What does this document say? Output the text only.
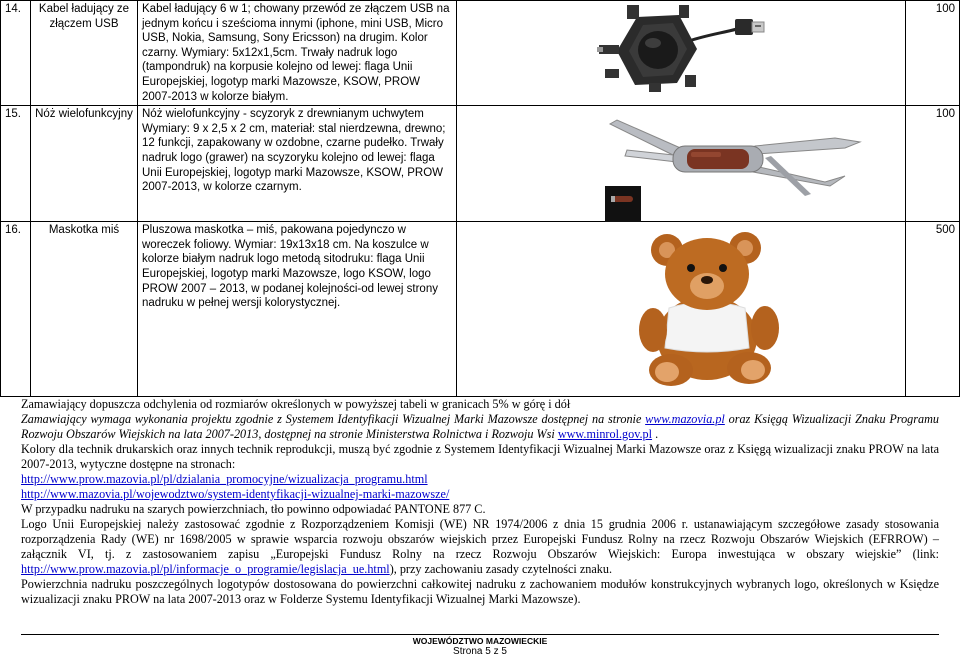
14.	Kabel ładujący ze złączem USB	Kabel ładujący 6 w 1; chowany przewód ze złączem USB na jednym końcu i sześcioma innymi (iphone, mini USB, Micro USB, Nokia, Samsung, Sony Ericsson) na drugim. Kolor czarny. Wymiary: 5x12x1,5cm. Trwały nadruk logo (tampondruk) na korpusie kolejno od lewej: flaga Unii Europejskiej, logotyp marki Mazowsze, KSOW, PROW 2007-2013 w kolorze białym.		100
15.	Nóż wielofunkcyjny	Nóż wielofunkcyjny - scyzoryk z drewnianym uchwytem Wymiary: 9 x 2,5 x 2 cm, materiał: stal nierdzewna, drewno; 12 funkcji, zapakowany w ozdobne, czarne pudełko. Trwały nadruk logo (grawer) na scyzoryku kolejno od lewej: flaga Unii Europejskiej, logotyp marki Mazowsze, KSOW, PROW 2007-2013, w kolorze czarnym.		100
16.	Maskotka miś	Pluszowa maskotka – miś, pakowana pojedynczo w woreczek foliowy. Wymiar: 19x13x18 cm. Na koszulce w kolorze białym nadruk logo metodą sitodruku: flaga Unii Europejskiej, logotyp marki Mazowsze, logo KSOW, logo PROW 2007 – 2013, w podanej kolejności-od lewej strony nadruku w pełnej wersji kolorystycznej.		500

Zamawiający dopuszcza odchylenia od rozmiarów określonych w powyższej tabeli w granicach 5% w górę i dół

Zamawiający wymaga wykonania projektu zgodnie z Systemem Identyfikacji Wizualnej Marki Mazowsze dostępnej na stronie www.mazovia.pl oraz Księgą Wizualizacji Znaku Programu Rozwoju Obszarów Wiejskich na lata 2007-2013, dostępnej na stronie Ministerstwa Rolnictwa i Rozwoju Wsi www.minrol.gov.pl .

Kolory dla technik drukarskich oraz innych technik reprodukcji, muszą być zgodnie z Systemem Identyfikacji Wizualnej Marki Mazowsze oraz z Księgą wizualizacji znaku PROW na lata 2007-2013, wytyczne dostępne na stronach:

http://www.prow.mazovia.pl/pl/dzialania_promocyjne/wizualizacja_programu.html

http://www.mazovia.pl/wojewodztwo/system-identyfikacji-wizualnej-marki-mazowsze/

W przypadku nadruku na szarych powierzchniach, tło powinno odpowiadać PANTONE 877 C.

Logo Unii Europejskiej należy zastosować zgodnie z Rozporządzeniem Komisji (WE) NR 1974/2006 z dnia 15 grudnia 2006 r. ustanawiającym szczegółowe zasady stosowania rozporządzenia Rady (WE) nr 1698/2005 w sprawie wsparcia rozwoju obszarów wiejskich przez Europejski Fundusz Rolny na rzecz Rozwoju Obszarów Wiejskich (EFRROW) – załącznik VI, tj. z zastosowaniem zapisu „Europejski Fundusz Rolny na rzecz Rozwoju Obszarów Wiejskich: Europa inwestująca w obszary wiejskie” (link: http://www.prow.mazovia.pl/pl/informacje_o_programie/legislacja_ue.html), przy zachowaniu zasady czytelności znaku.

Powierzchnia nadruku poszczególnych logotypów dostosowana do powierzchni całkowitej nadruku z zachowaniem modułów konstrukcyjnych wybranych logo, określonych w Księdze wizualizacji znaku PROW na lata 2007-2013 oraz w Folderze Systemu Identyfikacji Wizualnej Marki Mazowsze).

WOJEWÓDZTWO MAZOWIECKIE
Strona 5 z 5
